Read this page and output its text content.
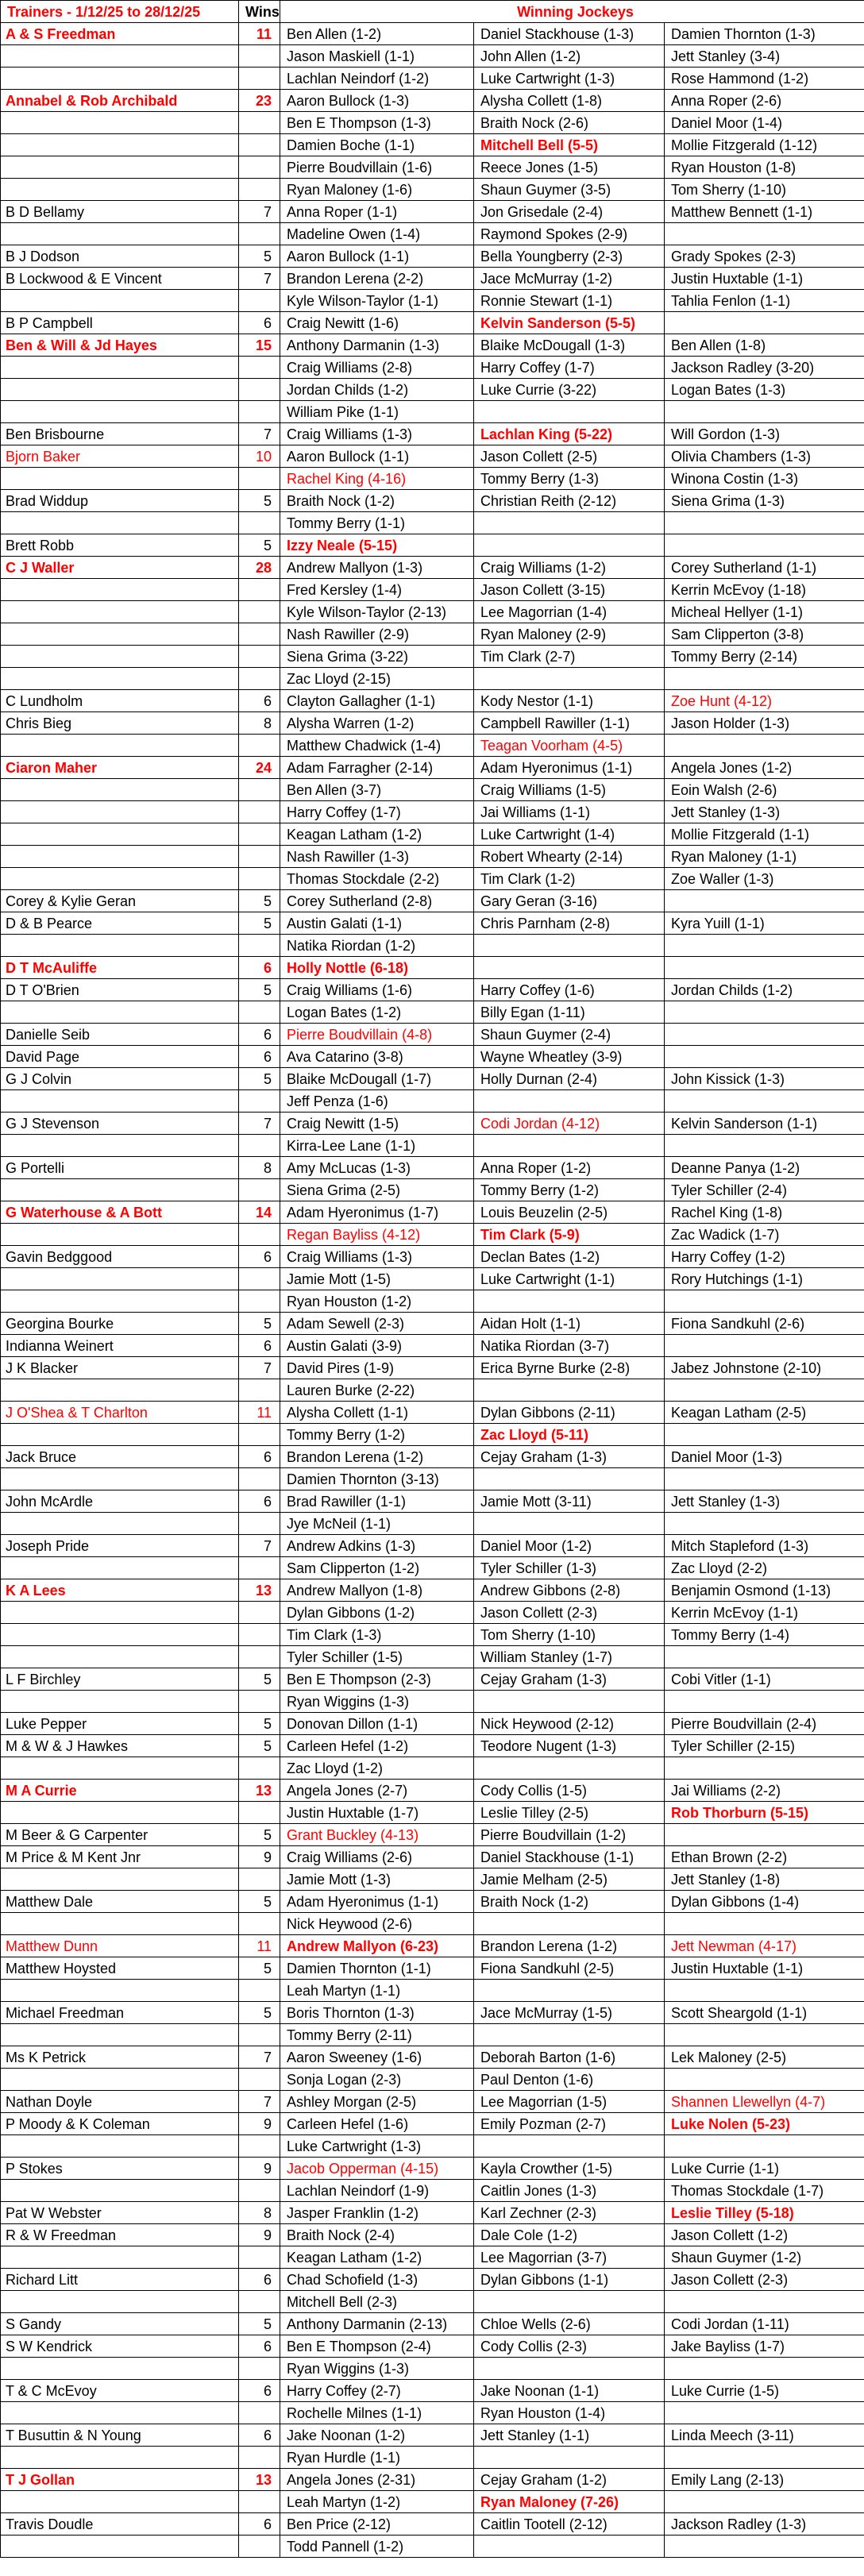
Trainers - 1/12/25 to 28/12/25	Wins	Winning Jockeys		
A & S Freedman	11	Ben Allen (1-2)	Daniel Stackhouse (1-3)	Damien Thornton (1-3)
		Jason Maskiell (1-1)	John Allen (1-2)	Jett Stanley (3-4)
		Lachlan Neindorf (1-2)	Luke Cartwright (1-3)	Rose Hammond (1-2)
Annabel & Rob Archibald	23	Aaron Bullock (1-3)	Alysha Collett (1-8)	Anna Roper (2-6)
		Ben E Thompson (1-3)	Braith Nock (2-6)	Daniel Moor (1-4)
		Damien Boche (1-1)	Mitchell Bell (5-5)	Mollie Fitzgerald (1-12)
		Pierre Boudvillain (1-6)	Reece Jones (1-5)	Ryan Houston (1-8)
		Ryan Maloney (1-6)	Shaun Guymer (3-5)	Tom Sherry (1-10)
B D Bellamy	7	Anna Roper (1-1)	Jon Grisedale (2-4)	Matthew Bennett (1-1)
		Madeline Owen (1-4)	Raymond Spokes (2-9)	
B J Dodson	5	Aaron Bullock (1-1)	Bella Youngberry (2-3)	Grady Spokes (2-3)
B Lockwood & E Vincent	7	Brandon Lerena (2-2)	Jace McMurray (1-2)	Justin Huxtable (1-1)
		Kyle Wilson-Taylor (1-1)	Ronnie Stewart (1-1)	Tahlia Fenlon (1-1)
B P Campbell	6	Craig Newitt (1-6)	Kelvin Sanderson (5-5)	
Ben & Will & Jd Hayes	15	Anthony Darmanin (1-3)	Blaike McDougall (1-3)	Ben Allen (1-8)
		Craig Williams (2-8)	Harry Coffey (1-7)	Jackson Radley (3-20)
		Jordan Childs (1-2)	Luke Currie (3-22)	Logan Bates (1-3)
		William Pike (1-1)		
Ben Brisbourne	7	Craig Williams (1-3)	Lachlan King (5-22)	Will Gordon (1-3)
Bjorn Baker	10	Aaron Bullock (1-1)	Jason Collett (2-5)	Olivia Chambers (1-3)
		Rachel King (4-16)	Tommy Berry (1-3)	Winona Costin (1-3)
Brad Widdup	5	Braith Nock (1-2)	Christian Reith (2-12)	Siena Grima (1-3)
		Tommy Berry (1-1)		
Brett Robb	5	Izzy Neale (5-15)		
C J Waller	28	Andrew Mallyon (1-3)	Craig Williams (1-2)	Corey Sutherland (1-1)
		Fred Kersley (1-4)	Jason Collett (3-15)	Kerrin McEvoy (1-18)
		Kyle Wilson-Taylor (2-13)	Lee Magorrian (1-4)	Micheal Hellyer (1-1)
		Nash Rawiller (2-9)	Ryan Maloney (2-9)	Sam Clipperton (3-8)
		Siena Grima (3-22)	Tim Clark (2-7)	Tommy Berry (2-14)
		Zac Lloyd (2-15)		
C Lundholm	6	Clayton Gallagher (1-1)	Kody Nestor (1-1)	Zoe Hunt (4-12)
Chris Bieg	8	Alysha Warren (1-2)	Campbell Rawiller (1-1)	Jason Holder (1-3)
		Matthew Chadwick (1-4)	Teagan Voorham (4-5)	
Ciaron Maher	24	Adam Farragher (2-14)	Adam Hyeronimus (1-1)	Angela Jones (1-2)
		Ben Allen (3-7)	Craig Williams (1-5)	Eoin Walsh (2-6)
		Harry Coffey (1-7)	Jai Williams (1-1)	Jett Stanley (1-3)
		Keagan Latham (1-2)	Luke Cartwright (1-4)	Mollie Fitzgerald (1-1)
		Nash Rawiller (1-3)	Robert Whearty (2-14)	Ryan Maloney (1-1)
		Thomas Stockdale (2-2)	Tim Clark (1-2)	Zoe Waller (1-3)
Corey & Kylie Geran	5	Corey Sutherland (2-8)	Gary Geran (3-16)	
D & B Pearce	5	Austin Galati (1-1)	Chris Parnham (2-8)	Kyra Yuill (1-1)
		Natika Riordan (1-2)		
D T McAuliffe	6	Holly Nottle (6-18)		
D T O'Brien	5	Craig Williams (1-6)	Harry Coffey (1-6)	Jordan Childs (1-2)
		Logan Bates (1-2)	Billy Egan (1-11)	
Danielle Seib	6	Pierre Boudvillain (4-8)	Shaun Guymer (2-4)	
David Page	6	Ava Catarino (3-8)	Wayne Wheatley (3-9)	
G J Colvin	5	Blaike McDougall (1-7)	Holly Durnan (2-4)	John Kissick (1-3)
		Jeff Penza (1-6)		
G J Stevenson	7	Craig Newitt (1-5)	Codi Jordan (4-12)	Kelvin Sanderson (1-1)
		Kirra-Lee Lane (1-1)		
G Portelli	8	Amy McLucas (1-3)	Anna Roper (1-2)	Deanne Panya (1-2)
		Siena Grima (2-5)	Tommy Berry (1-2)	Tyler Schiller (2-4)
G Waterhouse & A Bott	14	Adam Hyeronimus (1-7)	Louis Beuzelin (2-5)	Rachel King (1-8)
		Regan Bayliss (4-12)	Tim Clark (5-9)	Zac Wadick (1-7)
Gavin Bedggood	6	Craig Williams (1-3)	Declan Bates (1-2)	Harry Coffey (1-2)
		Jamie Mott (1-5)	Luke Cartwright (1-1)	Rory Hutchings (1-1)
		Ryan Houston (1-2)		
Georgina Bourke	5	Adam Sewell (2-3)	Aidan Holt (1-1)	Fiona Sandkuhl (2-6)
Indianna Weinert	6	Austin Galati (3-9)	Natika Riordan (3-7)	
J K Blacker	7	David Pires (1-9)	Erica Byrne Burke (2-8)	Jabez Johnstone (2-10)
		Lauren Burke (2-22)		
J O'Shea & T Charlton	11	Alysha Collett (1-1)	Dylan Gibbons (2-11)	Keagan Latham (2-5)
		Tommy Berry (1-2)	Zac Lloyd (5-11)	
Jack Bruce	6	Brandon Lerena (1-2)	Cejay Graham (1-3)	Daniel Moor (1-3)
		Damien Thornton (3-13)		
John McArdle	6	Brad Rawiller (1-1)	Jamie Mott (3-11)	Jett Stanley (1-3)
		Jye McNeil (1-1)		
Joseph Pride	7	Andrew Adkins (1-3)	Daniel Moor (1-2)	Mitch Stapleford (1-3)
		Sam Clipperton (1-2)	Tyler Schiller (1-3)	Zac Lloyd (2-2)
K A Lees	13	Andrew Mallyon (1-8)	Andrew Gibbons (2-8)	Benjamin Osmond (1-13)
		Dylan Gibbons (1-2)	Jason Collett (2-3)	Kerrin McEvoy (1-1)
		Tim Clark (1-3)	Tom Sherry (1-10)	Tommy Berry (1-4)
		Tyler Schiller (1-5)	William Stanley (1-7)	
L F Birchley	5	Ben E Thompson (2-3)	Cejay Graham (1-3)	Cobi Vitler (1-1)
		Ryan Wiggins (1-3)		
Luke Pepper	5	Donovan Dillon (1-1)	Nick Heywood (2-12)	Pierre Boudvillain (2-4)
M & W & J Hawkes	5	Carleen Hefel (1-2)	Teodore Nugent (1-3)	Tyler Schiller (2-15)
		Zac Lloyd (1-2)		
M A Currie	13	Angela Jones (2-7)	Cody Collis (1-5)	Jai Williams (2-2)
		Justin Huxtable (1-7)	Leslie Tilley (2-5)	Rob Thorburn (5-15)
M Beer & G Carpenter	5	Grant Buckley (4-13)	Pierre Boudvillain (1-2)	
M Price & M Kent Jnr	9	Craig Williams (2-6)	Daniel Stackhouse (1-1)	Ethan Brown (2-2)
		Jamie Mott (1-3)	Jamie Melham (2-5)	Jett Stanley (1-8)
Matthew Dale	5	Adam Hyeronimus (1-1)	Braith Nock (1-2)	Dylan Gibbons (1-4)
		Nick Heywood (2-6)		
Matthew Dunn	11	Andrew Mallyon (6-23)	Brandon Lerena (1-2)	Jett Newman (4-17)
Matthew Hoysted	5	Damien Thornton (1-1)	Fiona Sandkuhl (2-5)	Justin Huxtable (1-1)
		Leah Martyn (1-1)		
Michael Freedman	5	Boris Thornton (1-3)	Jace McMurray (1-5)	Scott Sheargold (1-1)
		Tommy Berry (2-11)		
Ms K Petrick	7	Aaron Sweeney (1-6)	Deborah Barton (1-6)	Lek Maloney (2-5)
		Sonja Logan (2-3)	Paul Denton (1-6)	
Nathan Doyle	7	Ashley Morgan (2-5)	Lee Magorrian (1-5)	Shannen Llewellyn (4-7)
P Moody & K Coleman	9	Carleen Hefel (1-6)	Emily Pozman (2-7)	Luke Nolen (5-23)
		Luke Cartwright (1-3)		
P Stokes	9	Jacob Opperman (4-15)	Kayla Crowther (1-5)	Luke Currie (1-1)
		Lachlan Neindorf (1-9)	Caitlin Jones (1-3)	Thomas Stockdale (1-7)
Pat W Webster	8	Jasper Franklin (1-2)	Karl Zechner (2-3)	Leslie Tilley (5-18)
R & W Freedman	9	Braith Nock (2-4)	Dale Cole (1-2)	Jason Collett (1-2)
		Keagan Latham (1-2)	Lee Magorrian (3-7)	Shaun Guymer (1-2)
Richard Litt	6	Chad Schofield (1-3)	Dylan Gibbons (1-1)	Jason Collett (2-3)
		Mitchell Bell (2-3)		
S Gandy	5	Anthony Darmanin (2-13)	Chloe Wells (2-6)	Codi Jordan (1-11)
S W Kendrick	6	Ben E Thompson (2-4)	Cody Collis (2-3)	Jake Bayliss (1-7)
		Ryan Wiggins (1-3)		
T & C McEvoy	6	Harry Coffey (2-7)	Jake Noonan (1-1)	Luke Currie (1-5)
		Rochelle Milnes (1-1)	Ryan Houston (1-4)	
T Busuttin & N Young	6	Jake Noonan (1-2)	Jett Stanley (1-1)	Linda Meech (3-11)
		Ryan Hurdle (1-1)		
T J Gollan	13	Angela Jones (2-31)	Cejay Graham (1-2)	Emily Lang (2-13)
		Leah Martyn (1-2)	Ryan Maloney (7-26)	
Travis Doudle	6	Ben Price (2-12)	Caitlin Tootell (2-12)	Jackson Radley (1-3)
		Todd Pannell (1-2)		
